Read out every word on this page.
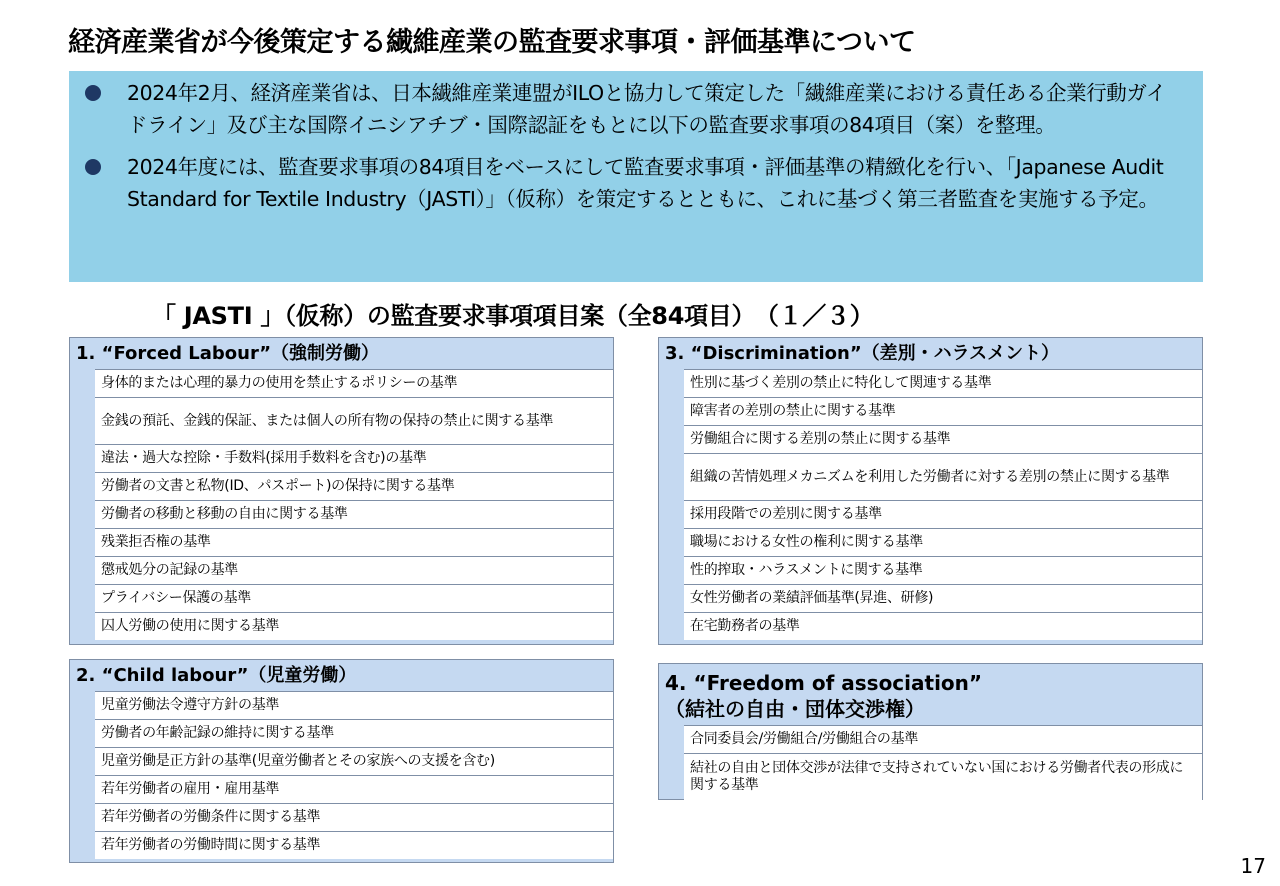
経済産業省が今後策定する繊維産業の監査要求事項・評価基準について
2024年2月、経済産業省は、日本繊維産業連盟がILOと協力して策定した「繊維産業における責任ある企業行動ガイドライン」及び主な国際イニシアチブ・国際認証をもとに以下の監査要求事項の84項目（案）を整理。
2024年度には、監査要求事項の84項目をベースにして監査要求事項・評価基準の精緻化を行い、「Japanese Audit Standard for Textile Industry（JASTI）」（仮称）を策定するとともに、これに基づく第三者監査を実施する予定。
「 JASTI 」（仮称）の監査要求事項項目案（全84項目）　（１／３）
1. “Forced Labour”（強制労働）
身体的または心理的暴力の使用を禁止するポリシーの基準
金銭の預託、金銭的保証、または個人の所有物の保持の禁止に関する基準
違法・過大な控除・手数料(採用手数料を含む)の基準
労働者の文書と私物(ID、パスポート)の保持に関する基準
労働者の移動と移動の自由に関する基準
残業拒否権の基準
懲戒処分の記録の基準
プライバシー保護の基準
囚人労働の使用に関する基準
2. “Child labour”（児童労働）
児童労働法令遵守方針の基準
労働者の年齢記録の維持に関する基準
児童労働是正方針の基準(児童労働者とその家族への支援を含む)
若年労働者の雇用・雇用基準
若年労働者の労働条件に関する基準
若年労働者の労働時間に関する基準
3. “Discrimination”（差別・ハラスメント）
性別に基づく差別の禁止に特化して関連する基準
障害者の差別の禁止に関する基準
労働組合に関する差別の禁止に関する基準
組織の苦情処理メカニズムを利用した労働者に対する差別の禁止に関する基準
採用段階での差別に関する基準
職場における女性の権利に関する基準
性的搾取・ハラスメントに関する基準
女性労働者の業績評価基準(昇進、研修)
在宅勤務者の基準
4. “Freedom of association”
（結社の自由・団体交渉権）
合同委員会/労働組合/労働組合の基準
結社の自由と団体交渉が法律で支持されていない国における労働者代表の形成に関する基準
17
